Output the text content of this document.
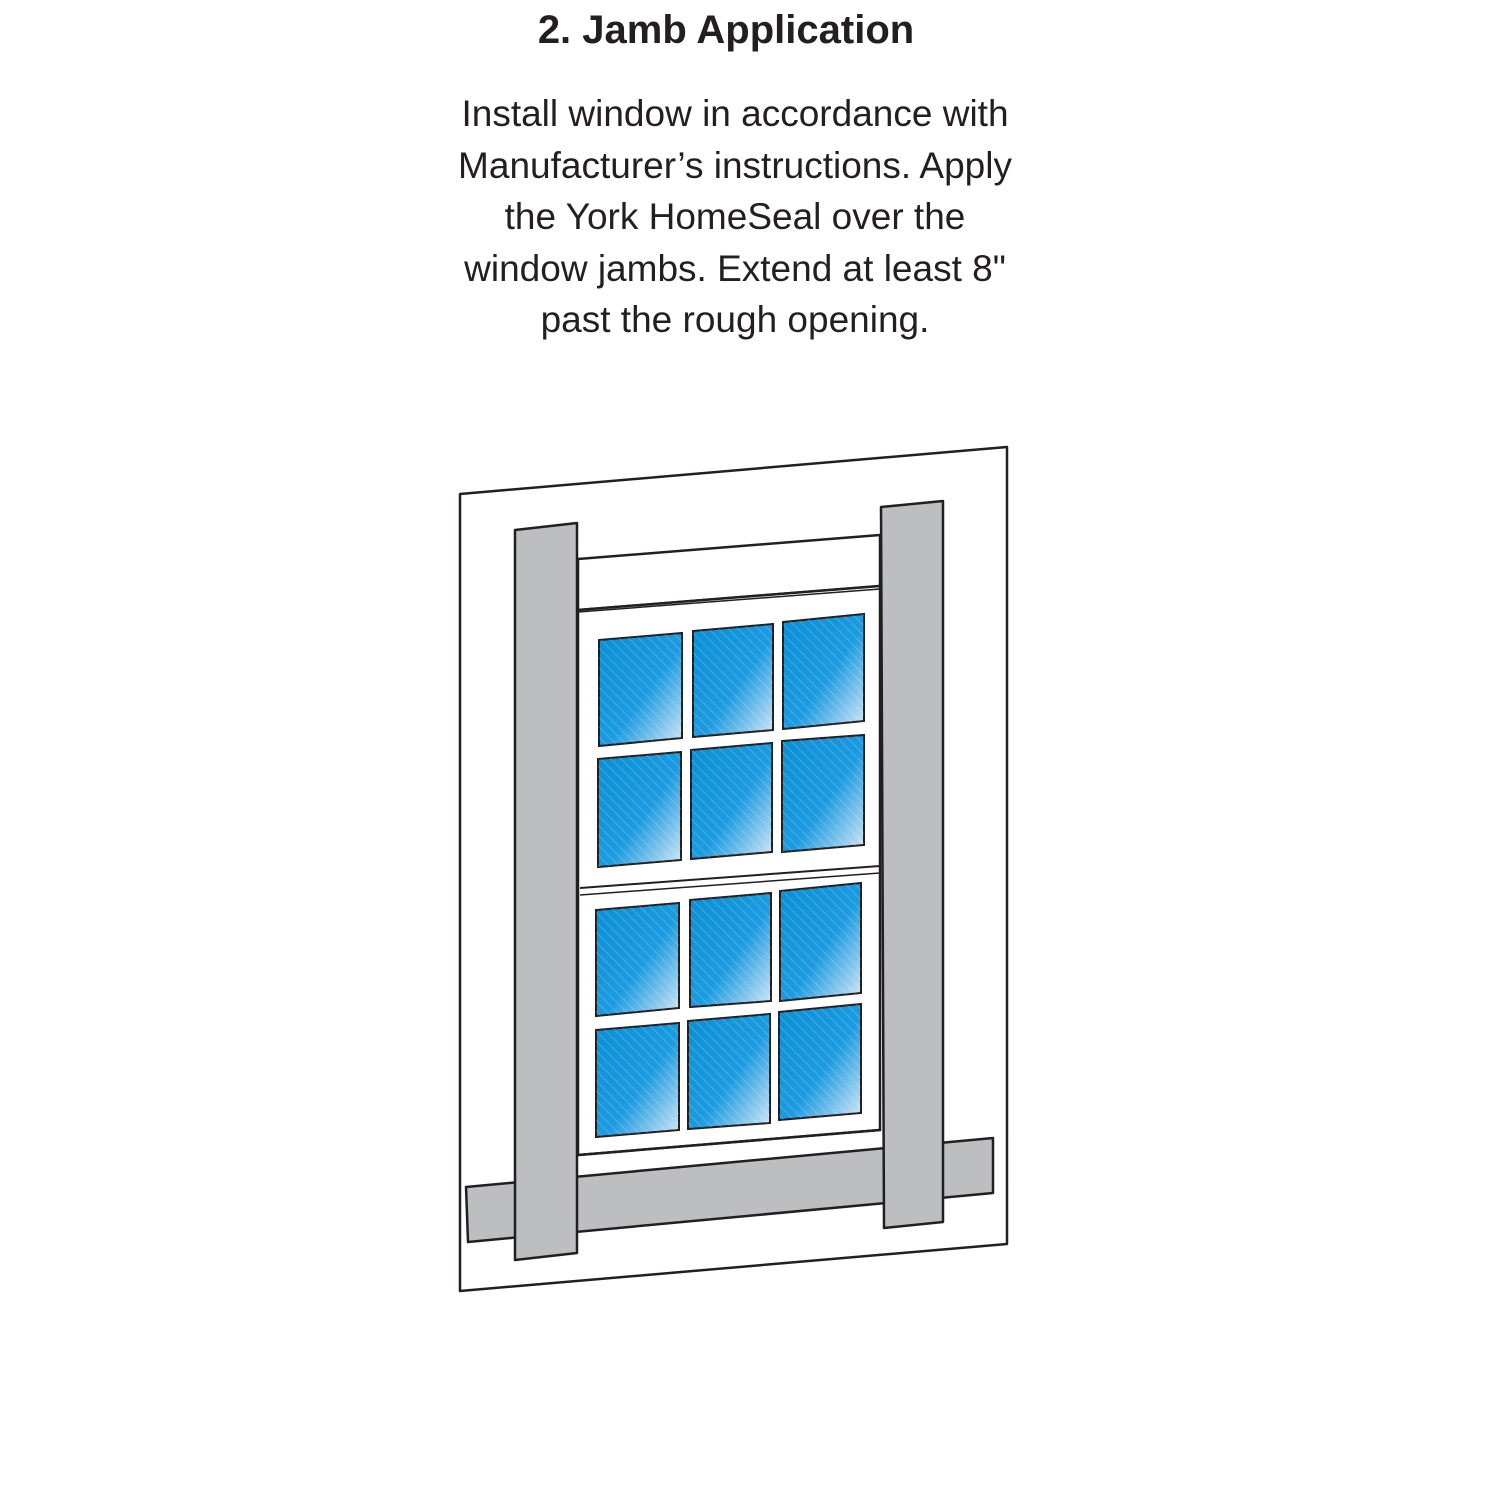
2. Jamb Application
Install window in accordance with
Manufacturer’s instructions. Apply
the York HomeSeal over the
window jambs. Extend at least 8"
past the rough opening.
